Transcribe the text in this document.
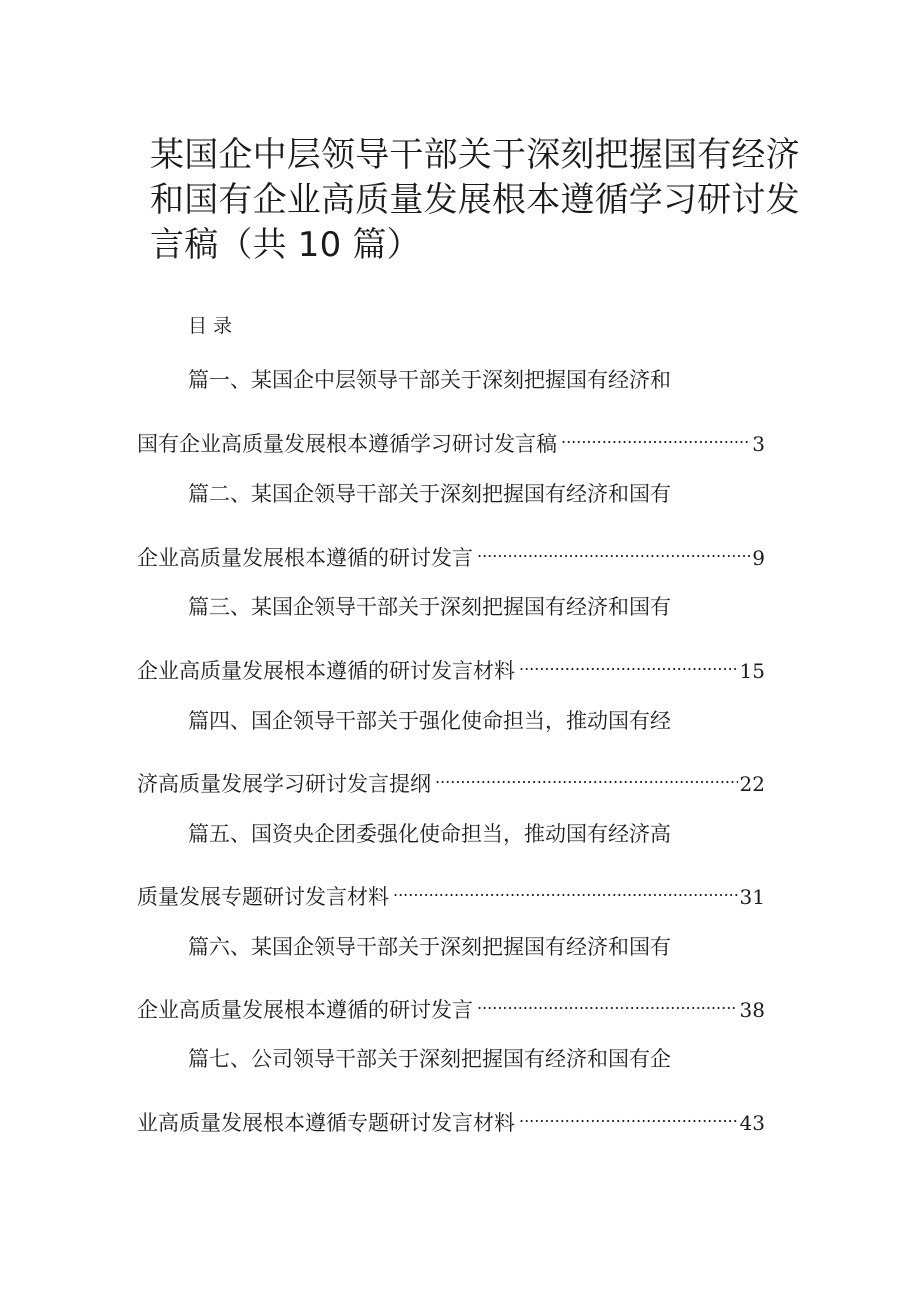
某国企中层领导干部关于深刻把握国有经济
和国有企业高质量发展根本遵循学习研讨发
言稿（共 10 篇）
目录
篇一、某国企中层领导干部关于深刻把握国有经济和
国有企业高质量发展根本遵循学习研讨发言稿 .....	3
篇二、某国企领导干部关于深刻把握国有经济和国有
企业高质量发展根本遵循的研讨发言 .....	9
篇三、某国企领导干部关于深刻把握国有经济和国有
企业高质量发展根本遵循的研讨发言材料 .....	15
篇四、国企领导干部关于强化使命担当，推动国有经
济高质量发展学习研讨发言提纲 .....	22
篇五、国资央企团委强化使命担当，推动国有经济高
质量发展专题研讨发言材料 .....	31
篇六、某国企领导干部关于深刻把握国有经济和国有
企业高质量发展根本遵循的研讨发言 .....	38
篇七、公司领导干部关于深刻把握国有经济和国有企
业高质量发展根本遵循专题研讨发言材料 .....	43
